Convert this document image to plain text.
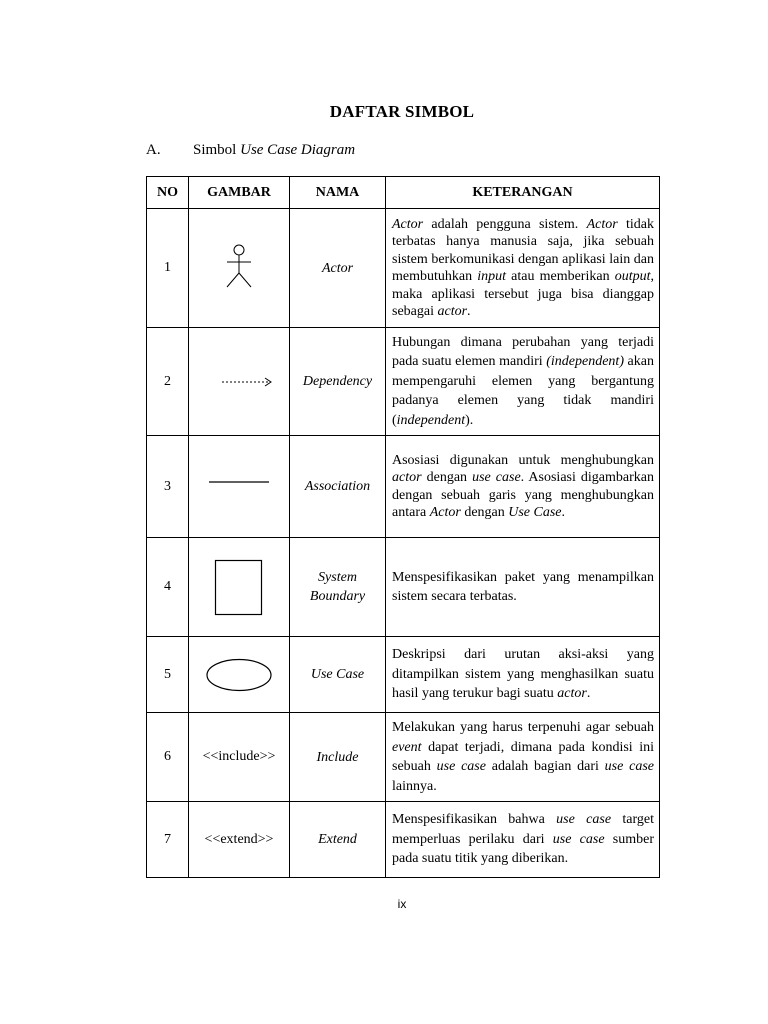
DAFTAR SIMBOL
A. Simbol Use Case Diagram
NO	GAMBAR	NAMA	KETERANGAN
1		Actor	Actor adalah pengguna sistem. Actor tidak terbatas hanya manusia saja, jika sebuah sistem berkomunikasi dengan aplikasi lain dan membutuhkan input atau memberikan output, maka aplikasi tersebut juga bisa dianggap sebagai actor.
2		Dependency	Hubungan dimana perubahan yang terjadi pada suatu elemen mandiri (independent) akan mempengaruhi elemen yang bergantung padanya elemen yang tidak mandiri (independent).
3		Association	Asosiasi digunakan untuk menghubungkan actor dengan use case. Asosiasi digambarkan dengan sebuah garis yang menghubungkan antara Actor dengan Use Case.
4		System
Boundary	Menspesifikasikan paket yang menampilkan sistem secara terbatas.
5		Use Case	Deskripsi dari urutan aksi-aksi yang ditampilkan sistem yang menghasilkan suatu hasil yang terukur bagi suatu actor.
6	<<include>>	Include	Melakukan yang harus terpenuhi agar sebuah event dapat terjadi, dimana pada kondisi ini sebuah use case adalah bagian dari use case lainnya.
7	<<extend>>	Extend	Menspesifikasikan bahwa use case target memperluas perilaku dari use case sumber pada suatu titik yang diberikan.
ix
